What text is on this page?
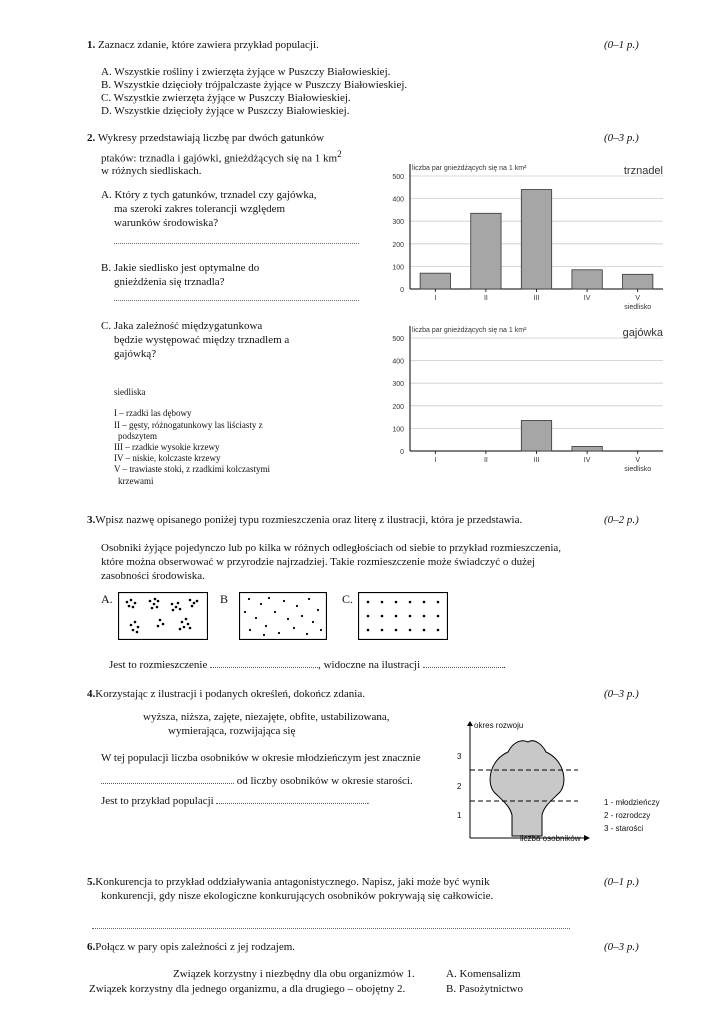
1. Zaznacz zdanie, które zawiera przykład populacji.	(0–1 p.)
A. Wszystkie rośliny i zwierzęta żyjące w Puszczy Białowieskiej.
B. Wszystkie dzięcioły trójpalczaste żyjące w Puszczy Białowieskiej.
C. Wszystkie zwierzęta żyjące w Puszczy Białowieskiej.
D. Wszystkie dzięcioły żyjące w Puszczy Białowieskiej.
2. Wykresy przedstawiają liczbę par dwóch gatunków	(0–3 p.)
ptaków: trznadla i gajówki, gnieżdżących się na 1 $km^2$
w różnych siedliskach.
A. Który z tych gatunków, trznadel czy gajówka,
ma szeroki zakres tolerancji względem
warunków środowiska?
B. Jakie siedlisko jest optymalne do
gnieżdżenia się trznadla?
C. Jaka zależność międzygatunkowa
będzie występować między trznadlem a
gajówką?
siedliska
I – rzadki las dębowy
II – gęsty, różnogatunkowy las liściasty z
podszytem
III – rzadkie wysokie krzewy
IV – niskie, kolczaste krzewy
V – trawiaste stoki, z rzadkimi kolczastymi
krzewami
0
100
200
300
400
500
liczba par gnieżdżących się na 1 km²	trznadel
I	II	III	IV	V
siedlisko
0
100
200
300
400
500
liczba par gnieżdżących się na 1 km²	gajówka
I	II	III	IV	V
siedlisko
3.Wpisz nazwę opisanego poniżej typu rozmieszczenia oraz literę z ilustracji, która je przedstawia.	(0–2 p.)
Osobniki żyjące pojedynczo lub po kilka w różnych odległościach od siebie to przykład rozmieszczenia,
które można obserwować w przyrodzie najrzadziej. Takie rozmieszczenie może świadczyć o dużej
zasobności środowiska.
A.	B	C.
Jest to rozmieszczenie	, widoczne na ilustracji	.
4.Korzystając z ilustracji i podanych określeń, dokończ zdania.	(0–3 p.)
wyższa, niższa, zajęte, niezajęte, obfite, ustabilizowana,
wymierająca, rozwijająca się
W tej populacji liczba osobników w okresie młodzieńczym jest znacznie
od liczby osobników w okresie starości.
Jest to przykład populacji	.
okres rozwoju
liczba osobników
3
2
1
1 - młodzieńczy
2 - rozrodczy
3 - starości
5.Konkurencja to przykład oddziaływania antagonistycznego. Napisz, jaki może być wynik	(0–1 p.)
konkurencji, gdy nisze ekologiczne konkurujących osobników pokrywają się całkowicie.
6.Połącz w pary opis zależności z jej rodzajem.	(0–3 p.)
Związek korzystny i niezbędny dla obu organizmów 1.
Związek korzystny dla jednego organizmu, a dla drugiego – obojętny 2.
A. Komensalizm
B. Pasożytnictwo
